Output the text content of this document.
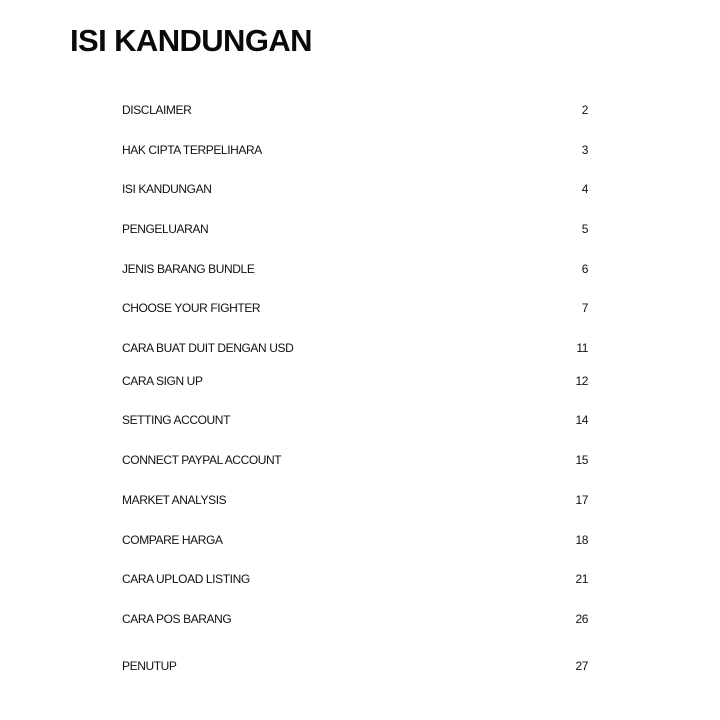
ISI KANDUNGAN
DISCLAIMER	2
HAK CIPTA TERPELIHARA	3
ISI KANDUNGAN	4
PENGELUARAN	5
JENIS BARANG BUNDLE	6
CHOOSE YOUR FIGHTER	7
CARA BUAT DUIT DENGAN USD	11
CARA SIGN UP	12
SETTING ACCOUNT	14
CONNECT PAYPAL ACCOUNT	15
MARKET ANALYSIS	17
COMPARE HARGA	18
CARA UPLOAD LISTING	21
CARA POS BARANG	26
PENUTUP	27
